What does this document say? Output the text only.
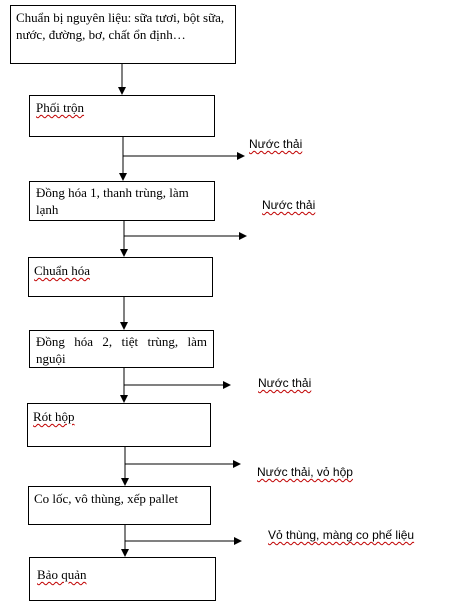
Chuẩn bị nguyên liệu: sữa tươi, bột sữa, nước, đường, bơ, chất ổn định…
Phối trộn
Đồng hóa 1, thanh trùng, làm lạnh
Chuẩn hóa
Đồng hóa 2, tiệt trùng, làm nguội
Rót hộp
Co lốc, vô thùng, xếp pallet
Bảo quản
Nước thải
Nước thải
Nước thải
Nước thải, vỏ hộp
Vỏ thùng, màng co phế liệu
